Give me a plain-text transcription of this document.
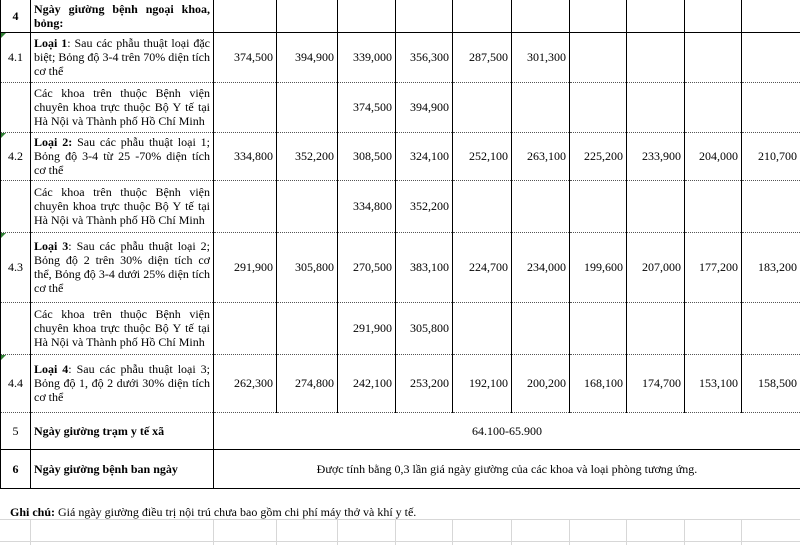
4	Ngày giường bệnh ngoại khoa, bỏng:										
4.1	Loại 1: Sau các phẫu thuật loại đặc biệt; Bỏng độ 3-4 trên 70% diện tích cơ thể	374,500	394,900	339,000	356,300	287,500	301,300				
	Các khoa trên thuộc Bệnh viện chuyên khoa trực thuộc Bộ Y tế tại Hà Nội và Thành phố Hồ Chí Minh			374,500	394,900						
4.2	Loại 2: Sau các phẫu thuật loại 1; Bỏng độ 3-4 từ 25 -70% diện tích cơ thể	334,800	352,200	308,500	324,100	252,100	263,100	225,200	233,900	204,000	210,700
	Các khoa trên thuộc Bệnh viện chuyên khoa trực thuộc Bộ Y tế tại Hà Nội và Thành phố Hồ Chí Minh			334,800	352,200						
4.3	Loại 3: Sau các phẫu thuật loại 2; Bỏng độ 2 trên 30% diện tích cơ thể, Bỏng độ 3-4 dưới 25% diện tích cơ thể	291,900	305,800	270,500	383,100	224,700	234,000	199,600	207,000	177,200	183,200
	Các khoa trên thuộc Bệnh viện chuyên khoa trực thuộc Bộ Y tế tại Hà Nội và Thành phố Hồ Chí Minh			291,900	305,800						
4.4	Loại 4: Sau các phẫu thuật loại 3; Bỏng độ 1, độ 2 dưới 30% diện tích cơ thể	262,300	274,800	242,100	253,200	192,100	200,200	168,100	174,700	153,100	158,500
5	Ngày giường trạm y tế xã	64.100-65.900									
6	Ngày giường bệnh ban ngày	Được tính bằng 0,3 lần giá ngày giường của các khoa và loại phòng tương ứng.									
Ghi chú: Giá ngày giường điều trị nội trú chưa bao gồm chi phí máy thở và khí y tế.
